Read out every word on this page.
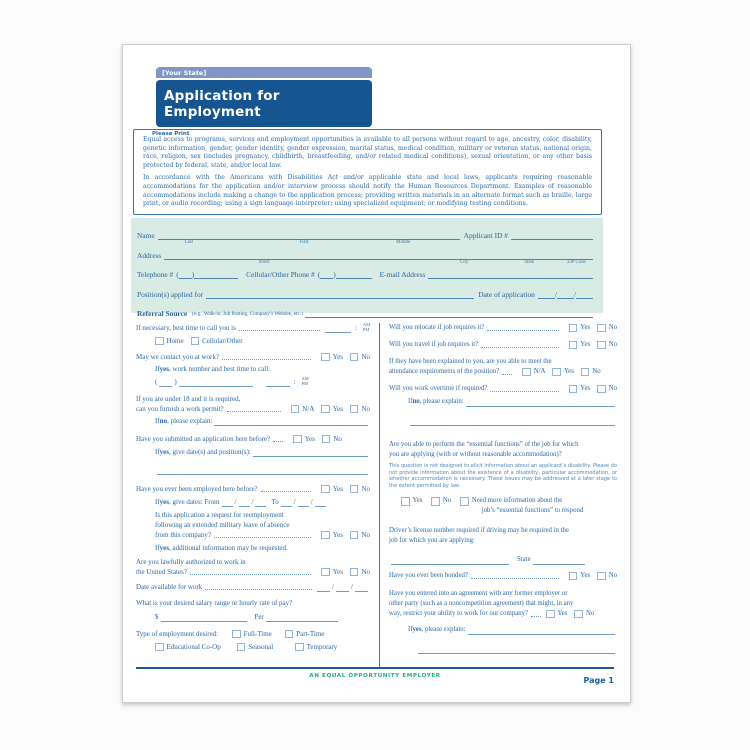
[Your State]
Application for Employment
Please Print

Equal access to programs, services and employment opportunities is available to all persons without regard to age, ancestry, color, disability, genetic information, gender, gender identity, gender expression, marital status, medical condition, military or veteran status, national origin, race, religion, sex (includes pregnancy, childbirth, breastfeeding, and/or related medical conditions), sexual orientation, or any other basis protected by federal, state, and/or local law.

In accordance with the Americans with Disabilities Act and/or applicable state and local laws, applicants requiring reasonable accommodations for the application and/or interview process should notify the Human Resources Department. Examples of reasonable accommodations include making a change to the application process; providing written materials in an alternate format such as braille, large print, or audio recording; using a sign language interpreter; using specialized equipment; or modifying testing conditions.

Name
Last	First	Middle
Applicant ID #
Address
Street	City	State	ZIP Code
Telephone # ( )	Cellular/Other Phone # ( )	E-mail Address
Position(s) applied for	Date of application	/ /
Referral Source (e.g., Walk-in, Job Posting, Company’s Website, etc.)
If necessary, best time to call you is	: AM
PM
Home	Cellular/Other
May we contact you at work?	Yes	No
If yes , work number and best time to call:
( )	: AM
PM
If you are under 18 and it is required,
can you furnish a work permit?	N/A	Yes	No
If no , please explain:
Have you submitted an application here before?	Yes	No
If yes , give date(s) and position(s):
Have you ever been employed here before?	Yes	No
If yes , give dates: From / /	To / /
Is this application a request for reemployment
following an extended military leave of absence
from this company?	Yes	No
If yes , additional information may be requested.
Are you lawfully authorized to work in
the United States?	Yes	No
Date available for work	/ /
What is your desired salary range or hourly rate of pay?
$	Per
Type of employment desired:	Full-Time	Part-Time
Educational Co-Op	Seasonal	Temporary
Will you relocate if job requires it?	Yes	No
Will you travel if job requires it?	Yes	No
If they have been explained to you, are you able to meet the
attendance requirements of the position?	N/A	Yes	No
Will you work overtime if required?	Yes	No
If no , please explain:
Are you able to perform the “essential functions” of the job for which
you are applying (with or without reasonable accommodation)?
This question is not designed to elicit information about an applicant’s disability. Please do not provide information about the existence of a disability, particular accommodation, or whether accommodation is necessary. These issues may be addressed at a later stage to the extent permitted by law.
Yes	No	Need more information about the
job’s “essential functions” to respond
Driver’s license number required if driving may be required in the
job for which you are applying:
State
Have you ever been bonded?	Yes	No
Have you entered into an agreement with any former employer or
other party (such as a noncompetition agreement) that might, in any
way, restrict your ability to work for our company?	Yes	No
If yes , please explain:
AN EQUAL OPPORTUNITY EMPLOYER	Page 1
